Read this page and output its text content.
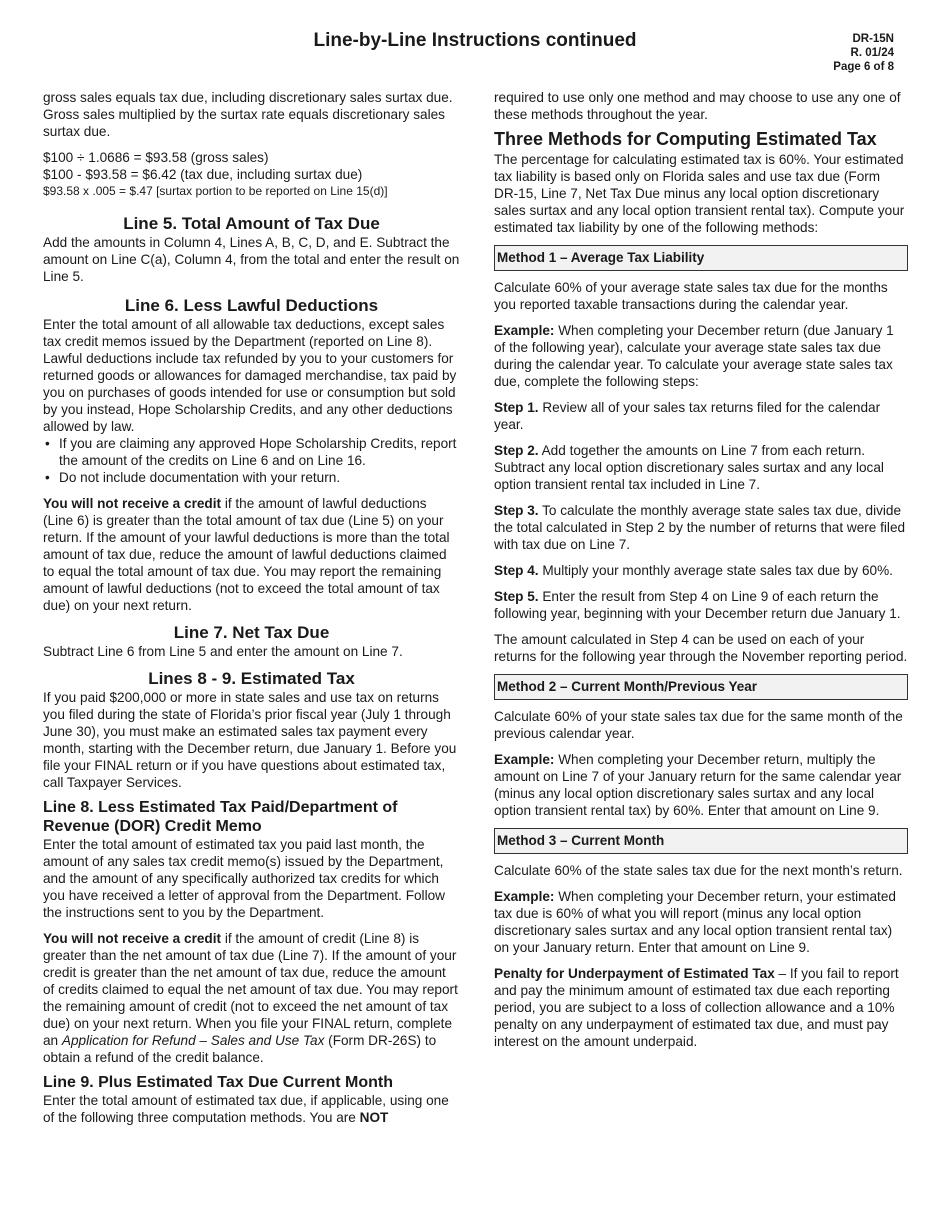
Line-by-Line Instructions continued	DR-15N
R. 01/24
Page 6 of 8

gross sales equals tax due, including discretionary sales surtax due. Gross sales multiplied by the surtax rate equals discretionary sales surtax due.

$100 ÷ 1.0686 = $93.58 (gross sales)

$100 - $93.58 = $6.42 (tax due, including surtax due)

$93.58 x .005 = $.47 [surtax portion to be reported on Line 15(d)]

Line 5. Total Amount of Tax Due

Add the amounts in Column 4, Lines A, B, C, D, and E. Subtract the amount on Line C(a), Column 4, from the total and enter the result on Line 5.

Line 6. Less Lawful Deductions

Enter the total amount of all allowable tax deductions, except sales tax credit memos issued by the Department (reported on Line 8). Lawful deductions include tax refunded by you to your customers for returned goods or allowances for damaged merchandise, tax paid by you on purchases of goods intended for use or consumption but sold by you instead, Hope Scholarship Credits, and any other deductions allowed by law.

• If you are claiming any approved Hope Scholarship Credits, report the amount of the credits on Line 6 and on Line 16.
• Do not include documentation with your return.

You will not receive a credit if the amount of lawful deductions (Line 6) is greater than the total amount of tax due (Line 5) on your return. If the amount of your lawful deductions is more than the total amount of tax due, reduce the amount of lawful deductions claimed to equal the total amount of tax due. You may report the remaining amount of lawful deductions (not to exceed the total amount of tax due) on your next return.

Line 7. Net Tax Due

Subtract Line 6 from Line 5 and enter the amount on Line 7.

Lines 8 - 9. Estimated Tax

If you paid $200,000 or more in state sales and use tax on returns you filed during the state of Florida’s prior fiscal year (July 1 through June 30), you must make an estimated sales tax payment every month, starting with the December return, due January 1. Before you file your FINAL return or if you have questions about estimated tax, call Taxpayer Services.

Line 8. Less Estimated Tax Paid/Department of Revenue (DOR) Credit Memo

Enter the total amount of estimated tax you paid last month, the amount of any sales tax credit memo(s) issued by the Department, and the amount of any specifically authorized tax credits for which you have received a letter of approval from the Department. Follow the instructions sent to you by the Department.

You will not receive a credit if the amount of credit (Line 8) is greater than the net amount of tax due (Line 7). If the amount of your credit is greater than the net amount of tax due, reduce the amount of credits claimed to equal the net amount of tax due. You may report the remaining amount of credit (not to exceed the net amount of tax due) on your next return. When you file your FINAL return, complete an Application for Refund – Sales and Use Tax (Form DR-26S) to obtain a refund of the credit balance.

Line 9. Plus Estimated Tax Due Current Month

Enter the total amount of estimated tax due, if applicable, using one of the following three computation methods. You are NOT

required to use only one method and may choose to use any one of these methods throughout the year.

Three Methods for Computing Estimated Tax

The percentage for calculating estimated tax is 60%. Your estimated tax liability is based only on Florida sales and use tax due (Form DR-15, Line 7, Net Tax Due minus any local option discretionary sales surtax and any local option transient rental tax). Compute your estimated tax liability by one of the following methods:

Method 1 – Average Tax Liability

Calculate 60% of your average state sales tax due for the months you reported taxable transactions during the calendar year.

Example: When completing your December return (due January 1 of the following year), calculate your average state sales tax due during the calendar year. To calculate your average state sales tax due, complete the following steps:

Step 1. Review all of your sales tax returns filed for the calendar year.

Step 2. Add together the amounts on Line 7 from each return. Subtract any local option discretionary sales surtax and any local option transient rental tax included in Line 7.

Step 3. To calculate the monthly average state sales tax due, divide the total calculated in Step 2 by the number of returns that were filed with tax due on Line 7.

Step 4. Multiply your monthly average state sales tax due by 60%.

Step 5. Enter the result from Step 4 on Line 9 of each return the following year, beginning with your December return due January 1.

The amount calculated in Step 4 can be used on each of your returns for the following year through the November reporting period.

Method 2 – Current Month/Previous Year

Calculate 60% of your state sales tax due for the same month of the previous calendar year.

Example: When completing your December return, multiply the amount on Line 7 of your January return for the same calendar year (minus any local option discretionary sales surtax and any local option transient rental tax) by 60%. Enter that amount on Line 9.

Method 3 – Current Month

Calculate 60% of the state sales tax due for the next month’s return.

Example: When completing your December return, your estimated tax due is 60% of what you will report (minus any local option discretionary sales surtax and any local option transient rental tax) on your January return. Enter that amount on Line 9.

Penalty for Underpayment of Estimated Tax – If you fail to report and pay the minimum amount of estimated tax due each reporting period, you are subject to a loss of collection allowance and a 10% penalty on any underpayment of estimated tax due, and must pay interest on the amount underpaid.
